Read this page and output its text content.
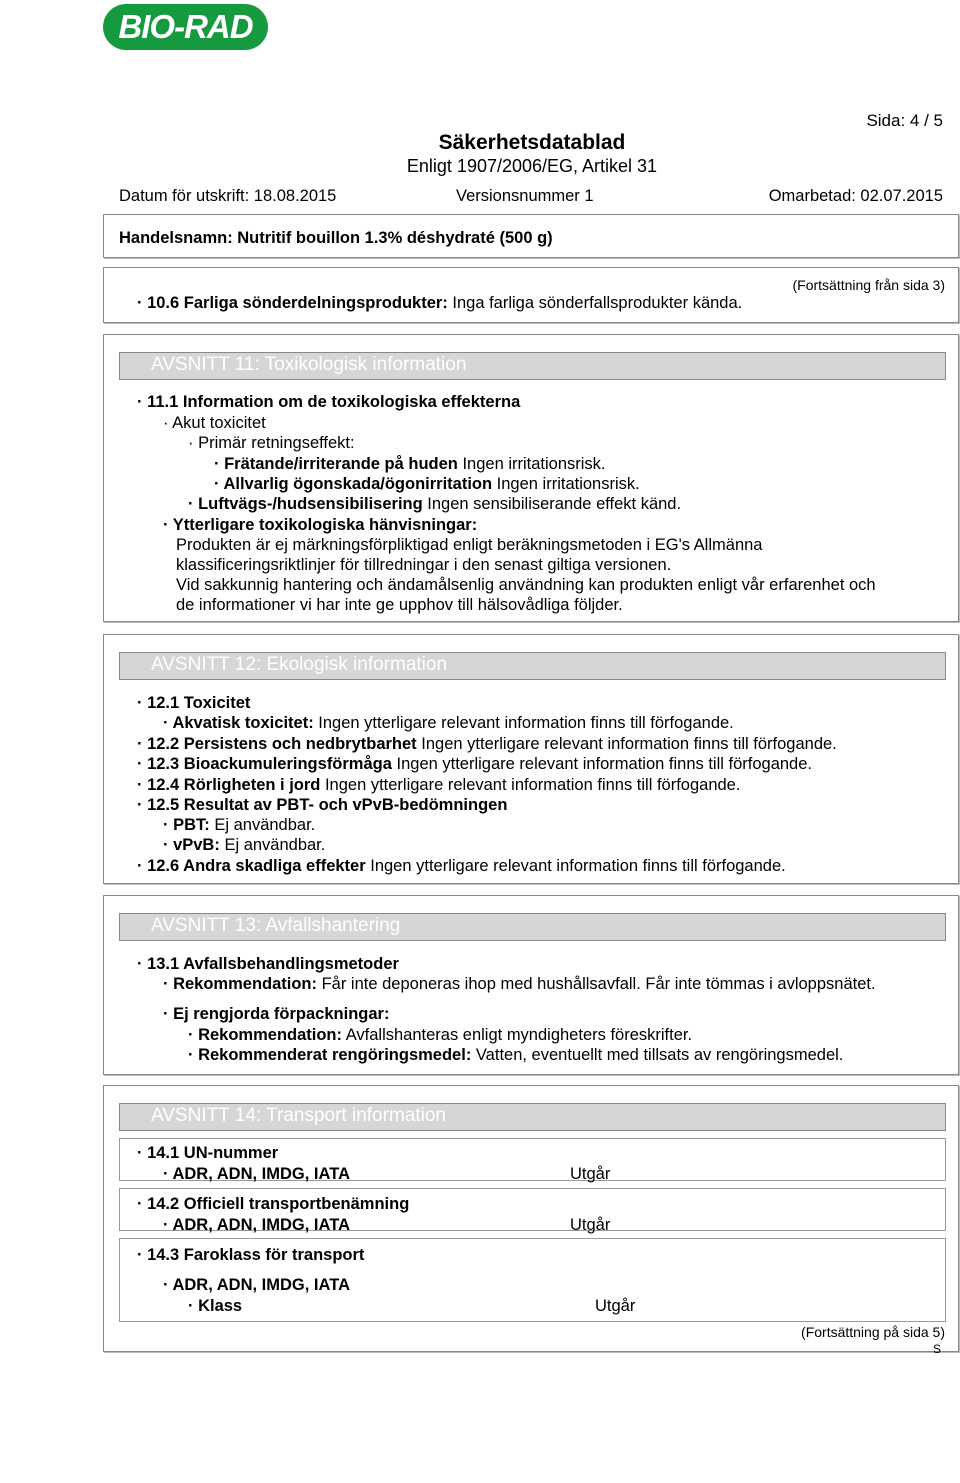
BIO-RAD
Sida: 4 / 5
Säkerhetsdatablad
Enligt 1907/2006/EG, Artikel 31
Datum för utskrift: 18.08.2015	Versionsnummer 1	Omarbetad: 02.07.2015
Handelsnamn: Nutritif bouillon 1.3% déshydraté (500 g)
(Fortsättning från sida 3)
· 10.6 Farliga sönderdelningsprodukter: Inga farliga sönderfallsprodukter kända.
AVSNITT 11: Toxikologisk information
· 11.1 Information om de toxikologiska effekterna
· Akut toxicitet
· Primär retningseffekt:
· Frätande/irriterande på huden Ingen irritationsrisk.
· Allvarlig ögonskada/ögonirritation Ingen irritationsrisk.
· Luftvägs-/hudsensibilisering Ingen sensibiliserande effekt känd.
· Ytterligare toxikologiska hänvisningar:
Produkten är ej märkningsförpliktigad enligt beräkningsmetoden i EG's Allmänna
klassificeringsriktlinjer för tillredningar i den senast giltiga versionen.
Vid sakkunnig hantering och ändamålsenlig användning kan produkten enligt vår erfarenhet och
de informationer vi har inte ge upphov till hälsovådliga följder.
AVSNITT 12: Ekologisk information
· 12.1 Toxicitet
· Akvatisk toxicitet: Ingen ytterligare relevant information finns till förfogande.
· 12.2 Persistens och nedbrytbarhet Ingen ytterligare relevant information finns till förfogande.
· 12.3 Bioackumuleringsförmåga Ingen ytterligare relevant information finns till förfogande.
· 12.4 Rörligheten i jord Ingen ytterligare relevant information finns till förfogande.
· 12.5 Resultat av PBT- och vPvB-bedömningen
· PBT: Ej användbar.
· vPvB: Ej användbar.
· 12.6 Andra skadliga effekter Ingen ytterligare relevant information finns till förfogande.
AVSNITT 13: Avfallshantering
· 13.1 Avfallsbehandlingsmetoder
· Rekommendation: Får inte deponeras ihop med hushållsavfall. Får inte tömmas i avloppsnätet.
· Ej rengjorda förpackningar:
· Rekommendation: Avfallshanteras enligt myndigheters föreskrifter.
· Rekommenderat rengöringsmedel: Vatten, eventuellt med tillsats av rengöringsmedel.
AVSNITT 14: Transport information
· 14.1 UN-nummer
· ADR, ADN, IMDG, IATA	Utgår
· 14.2 Officiell transportbenämning
· ADR, ADN, IMDG, IATA	Utgår
· 14.3 Faroklass för transport
· ADR, ADN, IMDG, IATA
· Klass	Utgår
(Fortsättning på sida 5)
S
